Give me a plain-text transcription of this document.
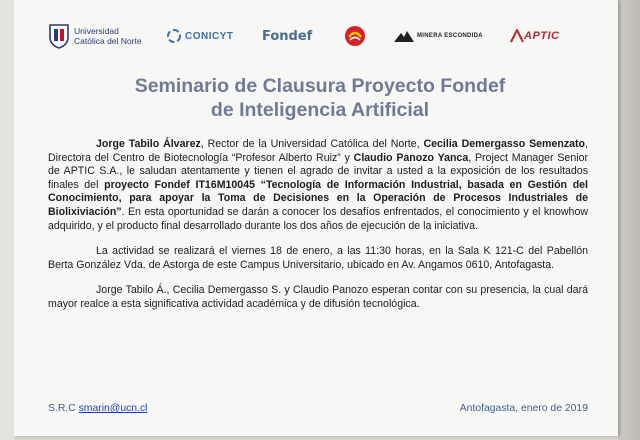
Universidad
Católica del Norte	CONICYT Fondef	MINERA ESCONDIDA	APTIC
Seminario de Clausura Proyecto Fondef
de Inteligencia Artificial

Jorge Tabilo Álvarez, Rector de la Universidad Católica del Norte, Cecilia Demergasso Semenzato, Directora del Centro de Biotecnología “Profesor Alberto Ruiz” y Claudio Panozo Yanca, Project Manager Senior de APTIC S.A., le saludan atentamente y tienen el agrado de invitar a usted a la exposición de los resultados finales del proyecto Fondef IT16M10045 “Tecnología de Información Industrial, basada en Gestión del Conocimiento, para apoyar la Toma de Decisiones en la Operación de Procesos Industriales de Biolixiviación”. En esta oportunidad se darán a conocer los desafíos enfrentados, el conocimiento y el knowhow adquirido, y el producto final desarrollado durante los dos años de ejecución de la iniciativa.

La actividad se realizará el viernes 18 de enero, a las 11:30 horas, en la Sala K 121-C del Pabellón Berta González Vda. de Astorga de este Campus Universitario, ubicado en Av. Angamos 0610, Antofagasta.

Jorge Tabilo Á., Cecilia Demergasso S. y Claudio Panozo esperan contar con su presencia, la cual dará mayor realce a esta significativa actividad académica y de difusión tecnológica.

S.R.C smarin@ucn.cl	Antofagasta, enero de 2019
